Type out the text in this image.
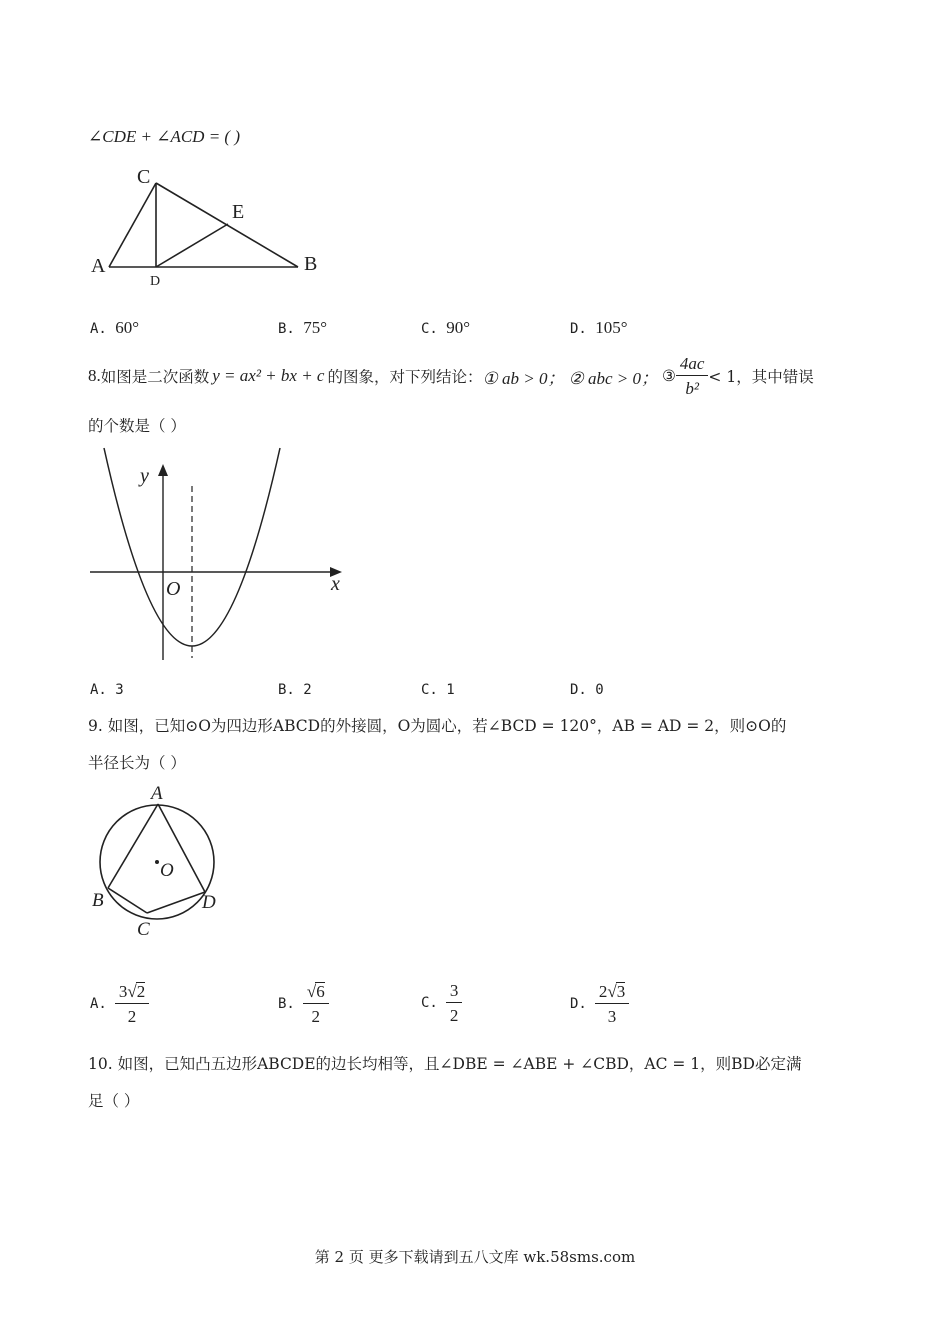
∠CDE + ∠ACD = ( )
C
E
A
D
B
A. 60°	B. 75°	C. 90°	D. 105°
8. 如图是二次函数 y = ax² + bx + c 的图象，对下列结论： ① ab > 0； ② abc > 0； ③ $\frac{4ac}{\text{b²}} < 1$，其中错误
的个数是（ ）
y
x
O
A. 3	B. 2	C. 1	D. 0
9. 如图，已知⊙O为四边形ABCD的外接圆，O为圆心，若∠BCD = 120°，AB = AD = 2，则⊙O的
半径长为（ ）
A
O
B	D
C
A. $\frac{3√2}{2}$	B. $\frac{√6}{2}$	C. $\frac{3}{2}$	D. $\frac{2√3}{3}$
10. 如图，已知凸五边形ABCDE的边长均相等，且∠DBE = ∠ABE + ∠CBD，AC = 1，则BD必定满
足（ ）
第 2 页 更多下载请到五八文库 wk.58sms.com
